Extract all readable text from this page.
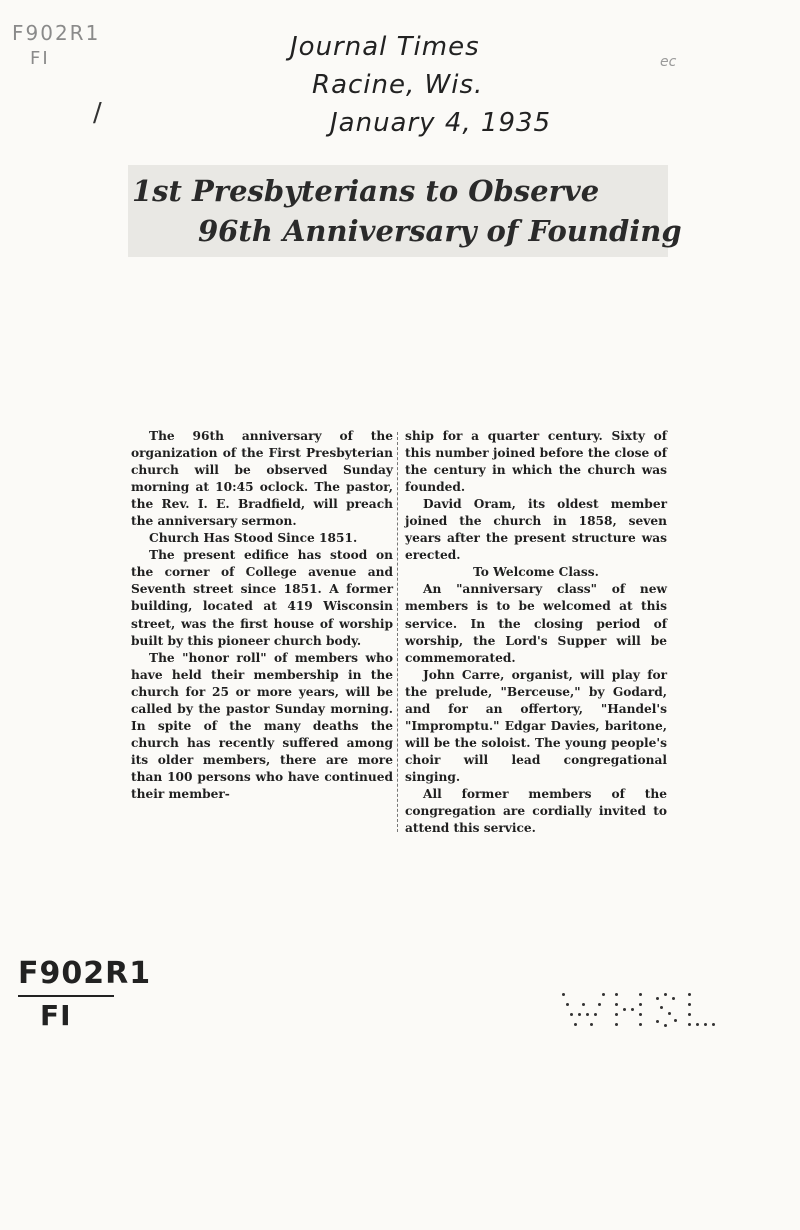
F902R1
FI
/
Journal Times
Racine, Wis.
January 4, 1935
ec
1st Presbyterians to Observe
96th Anniversary of Founding

The 96th anniversary of the organization of the First Presbyterian church will be observed Sunday morning at 10:45 oclock. The pastor, the Rev. I. E. Bradfield, will preach the anniversary sermon.

Church Has Stood Since 1851.

The present edifice has stood on the corner of College avenue and Seventh street since 1851. A former building, located at 419 Wisconsin street, was the first house of worship built by this pioneer church body.

The "honor roll" of members who have held their membership in the church for 25 or more years, will be called by the pastor Sunday morning. In spite of the many deaths the church has recently suffered among its older members, there are more than 100 persons who have continued their member-

ship for a quarter century. Sixty of this number joined before the close of the century in which the church was founded.

David Oram, its oldest member joined the church in 1858, seven years after the present structure was erected.

To Welcome Class.

An "anniversary class" of new members is to be welcomed at this service. In the closing period of worship, the Lord's Supper will be commemorated.

John Carre, organist, will play for the prelude, "Berceuse," by Godard, and for an offertory, "Handel's "Impromptu." Edgar Davies, baritone, will be the soloist. The young people's choir will lead congregational singing.

All former members of the congregation are cordially invited to attend this service.

F902R1
FI
